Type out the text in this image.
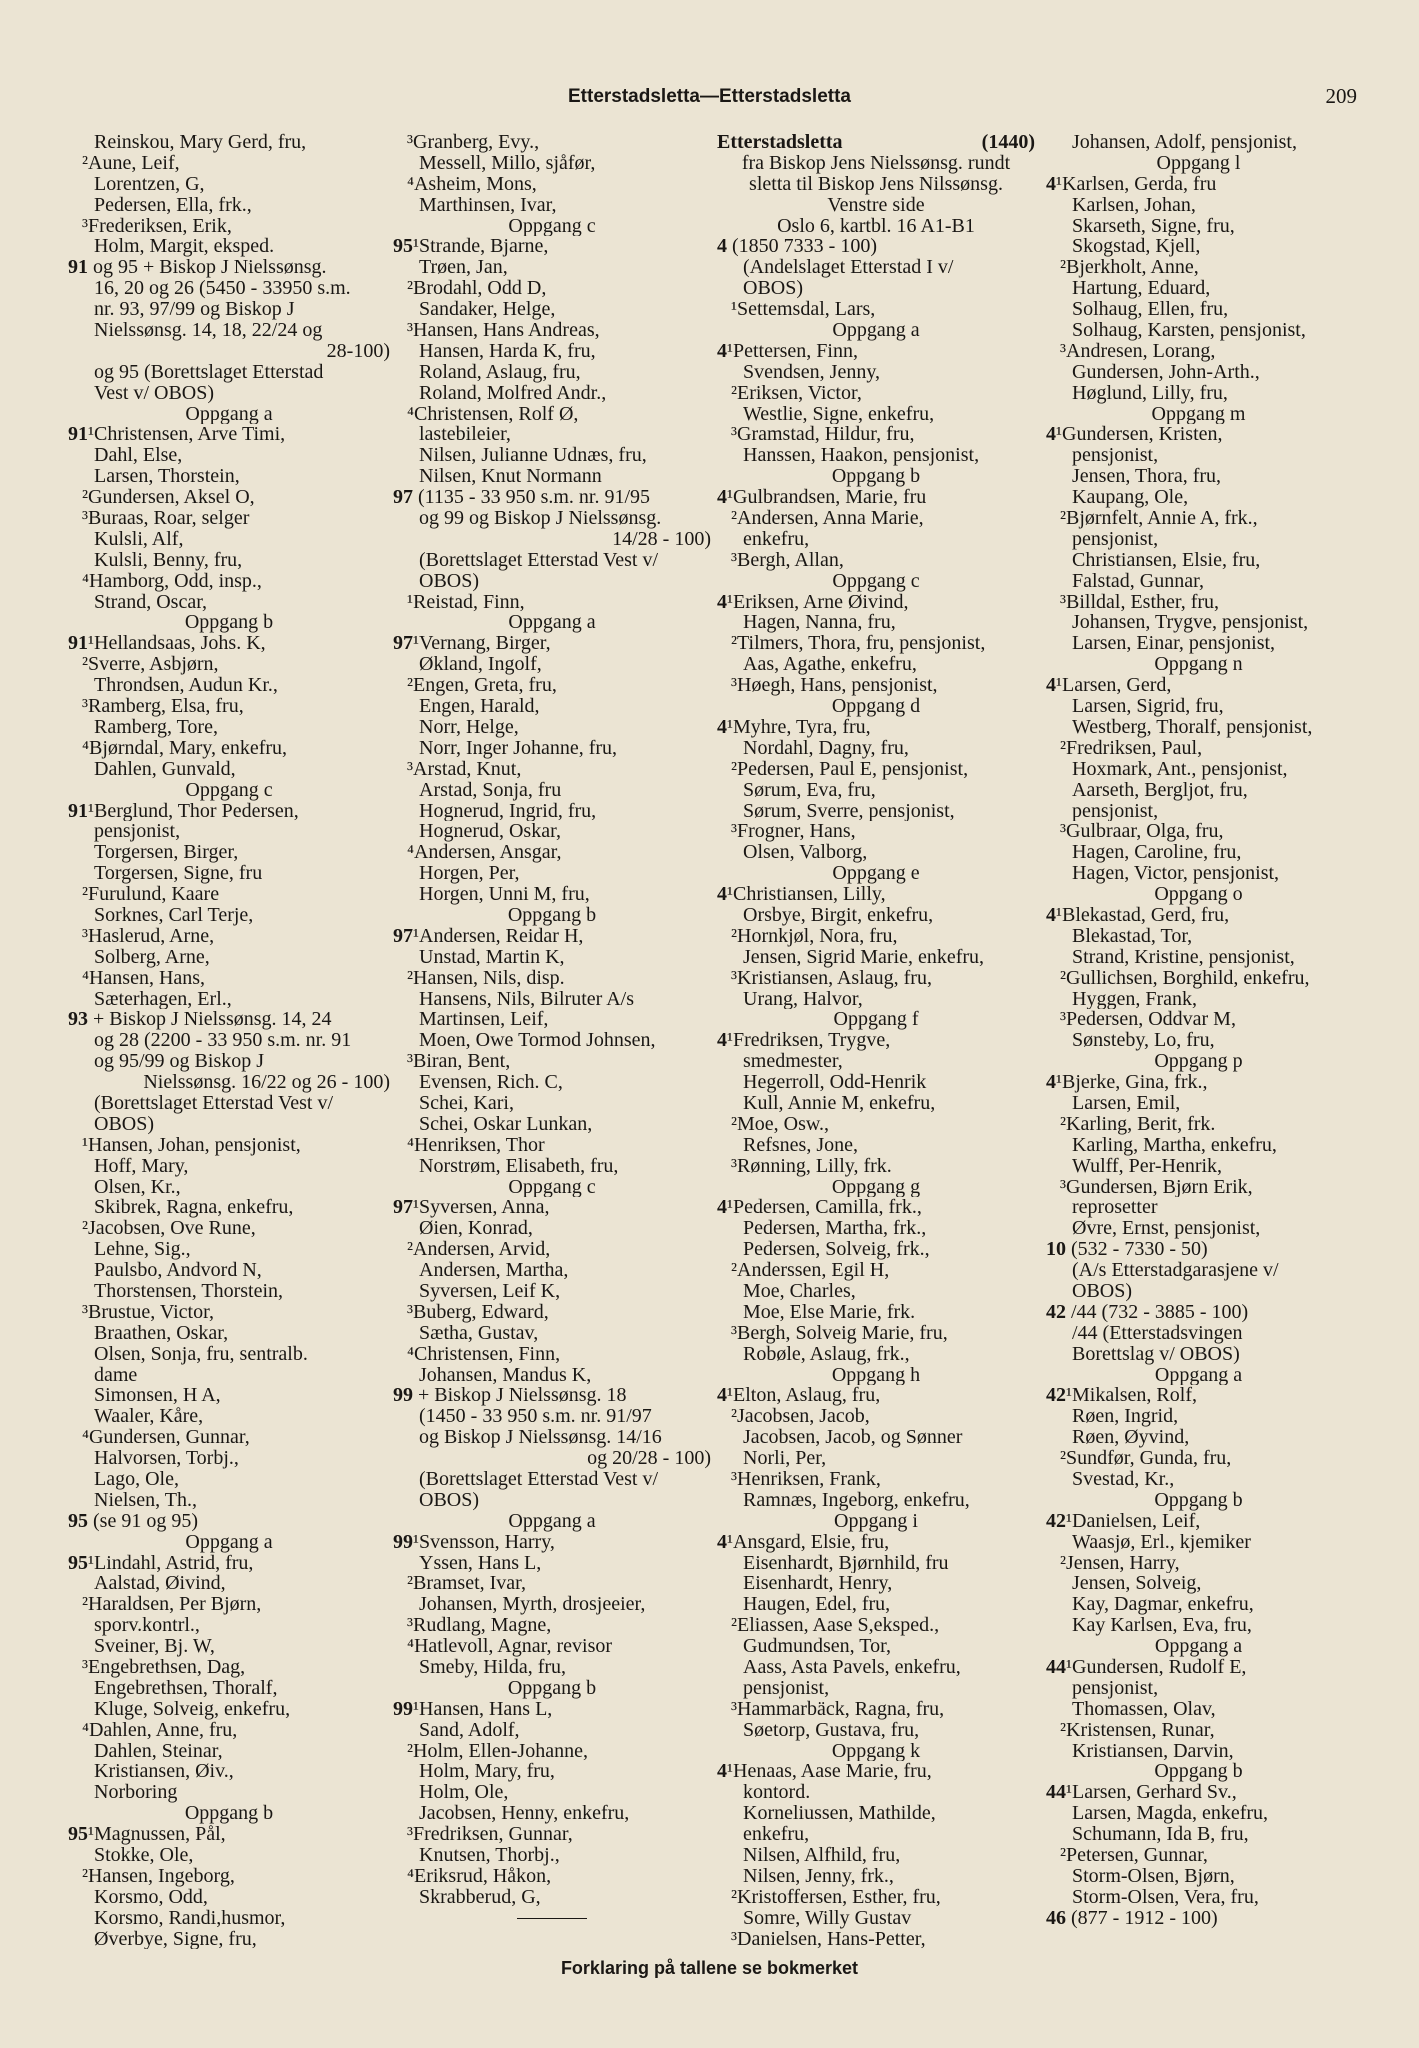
Etterstadsletta—Etterstadsletta	209
Reinskou, Mary Gerd, fru,
²Aune, Leif,
Lorentzen, G,
Pedersen, Ella, frk.,
³Frederiksen, Erik,
Holm, Margit, eksped.
91 og 95 + Biskop J Nielssønsg.
16, 20 og 26 (5450 - 33950 s.m.
nr. 93, 97/99 og Biskop J
Nielssønsg. 14, 18, 22/24 og
28-100)
og 95 (Borettslaget Etterstad
Vest v/ OBOS)
Oppgang a
91¹Christensen, Arve Timi,
Dahl, Else,
Larsen, Thorstein,
²Gundersen, Aksel O,
³Buraas, Roar, selger
Kulsli, Alf,
Kulsli, Benny, fru,
⁴Hamborg, Odd, insp.,
Strand, Oscar,
Oppgang b
91¹Hellandsaas, Johs. K,
²Sverre, Asbjørn,
Throndsen, Audun Kr.,
³Ramberg, Elsa, fru,
Ramberg, Tore,
⁴Bjørndal, Mary, enkefru,
Dahlen, Gunvald,
Oppgang c
91¹Berglund, Thor Pedersen,
pensjonist,
Torgersen, Birger,
Torgersen, Signe, fru
²Furulund, Kaare
Sorknes, Carl Terje,
³Haslerud, Arne,
Solberg, Arne,
⁴Hansen, Hans,
Sæterhagen, Erl.,
93 + Biskop J Nielssønsg. 14, 24
og 28 (2200 - 33 950 s.m. nr. 91
og 95/99 og Biskop J
Nielssønsg. 16/22 og 26 - 100)
(Borettslaget Etterstad Vest v/
OBOS)
¹Hansen, Johan, pensjonist,
Hoff, Mary,
Olsen, Kr.,
Skibrek, Ragna, enkefru,
²Jacobsen, Ove Rune,
Lehne, Sig.,
Paulsbo, Andvord N,
Thorstensen, Thorstein,
³Brustue, Victor,
Braathen, Oskar,
Olsen, Sonja, fru, sentralb.
dame
Simonsen, H A,
Waaler, Kåre,
⁴Gundersen, Gunnar,
Halvorsen, Torbj.,
Lago, Ole,
Nielsen, Th.,
95 (se 91 og 95)
Oppgang a
95¹Lindahl, Astrid, fru,
Aalstad, Øivind,
²Haraldsen, Per Bjørn,
sporv.kontrl.,
Sveiner, Bj. W,
³Engebrethsen, Dag,
Engebrethsen, Thoralf,
Kluge, Solveig, enkefru,
⁴Dahlen, Anne, fru,
Dahlen, Steinar,
Kristiansen, Øiv.,
Norboring
Oppgang b
95¹Magnussen, Pål,
Stokke, Ole,
²Hansen, Ingeborg,
Korsmo, Odd,
Korsmo, Randi,husmor,
Øverbye, Signe, fru,
³Granberg, Evy.,
Messell, Millo, sjåfør,
⁴Asheim, Mons,
Marthinsen, Ivar,
Oppgang c
95¹Strande, Bjarne,
Trøen, Jan,
²Brodahl, Odd D,
Sandaker, Helge,
³Hansen, Hans Andreas,
Hansen, Harda K, fru,
Roland, Aslaug, fru,
Roland, Molfred Andr.,
⁴Christensen, Rolf Ø,
lastebileier,
Nilsen, Julianne Udnæs, fru,
Nilsen, Knut Normann
97 (1135 - 33 950 s.m. nr. 91/95
og 99 og Biskop J Nielssønsg.
14/28 - 100)
(Borettslaget Etterstad Vest v/
OBOS)
¹Reistad, Finn,
Oppgang a
97¹Vernang, Birger,
Økland, Ingolf,
²Engen, Greta, fru,
Engen, Harald,
Norr, Helge,
Norr, Inger Johanne, fru,
³Arstad, Knut,
Arstad, Sonja, fru
Hognerud, Ingrid, fru,
Hognerud, Oskar,
⁴Andersen, Ansgar,
Horgen, Per,
Horgen, Unni M, fru,
Oppgang b
97¹Andersen, Reidar H,
Unstad, Martin K,
²Hansen, Nils, disp.
Hansens, Nils, Bilruter A/s
Martinsen, Leif,
Moen, Owe Tormod Johnsen,
³Biran, Bent,
Evensen, Rich. C,
Schei, Kari,
Schei, Oskar Lunkan,
⁴Henriksen, Thor
Norstrøm, Elisabeth, fru,
Oppgang c
97¹Syversen, Anna,
Øien, Konrad,
²Andersen, Arvid,
Andersen, Martha,
Syversen, Leif K,
³Buberg, Edward,
Sætha, Gustav,
⁴Christensen, Finn,
Johansen, Mandus K,
99 + Biskop J Nielssønsg. 18
(1450 - 33 950 s.m. nr. 91/97
og Biskop J Nielssønsg. 14/16
og 20/28 - 100)
(Borettslaget Etterstad Vest v/
OBOS)
Oppgang a
99¹Svensson, Harry,
Yssen, Hans L,
²Bramset, Ivar,
Johansen, Myrth, drosjeeier,
³Rudlang, Magne,
⁴Hatlevoll, Agnar, revisor
Smeby, Hilda, fru,
Oppgang b
99¹Hansen, Hans L,
Sand, Adolf,
²Holm, Ellen-Johanne,
Holm, Mary, fru,
Holm, Ole,
Jacobsen, Henny, enkefru,
³Fredriksen, Gunnar,
Knutsen, Thorbj.,
⁴Eriksrud, Håkon,
Skrabberud, G,
Etterstadsletta	(1440)
fra Biskop Jens Nielssønsg. rundt
sletta til Biskop Jens Nilssønsg.
Venstre side
Oslo 6, kartbl. 16 A1-B1
4 (1850 7333 - 100)
(Andelslaget Etterstad I v/
OBOS)
¹Settemsdal, Lars,
Oppgang a
4¹Pettersen, Finn,
Svendsen, Jenny,
²Eriksen, Victor,
Westlie, Signe, enkefru,
³Gramstad, Hildur, fru,
Hanssen, Haakon, pensjonist,
Oppgang b
4¹Gulbrandsen, Marie, fru
²Andersen, Anna Marie,
enkefru,
³Bergh, Allan,
Oppgang c
4¹Eriksen, Arne Øivind,
Hagen, Nanna, fru,
²Tilmers, Thora, fru, pensjonist,
Aas, Agathe, enkefru,
³Høegh, Hans, pensjonist,
Oppgang d
4¹Myhre, Tyra, fru,
Nordahl, Dagny, fru,
²Pedersen, Paul E, pensjonist,
Sørum, Eva, fru,
Sørum, Sverre, pensjonist,
³Frogner, Hans,
Olsen, Valborg,
Oppgang e
4¹Christiansen, Lilly,
Orsbye, Birgit, enkefru,
²Hornkjøl, Nora, fru,
Jensen, Sigrid Marie, enkefru,
³Kristiansen, Aslaug, fru,
Urang, Halvor,
Oppgang f
4¹Fredriksen, Trygve,
smedmester,
Hegerroll, Odd-Henrik
Kull, Annie M, enkefru,
²Moe, Osw.,
Refsnes, Jone,
³Rønning, Lilly, frk.
Oppgang g
4¹Pedersen, Camilla, frk.,
Pedersen, Martha, frk.,
Pedersen, Solveig, frk.,
²Anderssen, Egil H,
Moe, Charles,
Moe, Else Marie, frk.
³Bergh, Solveig Marie, fru,
Robøle, Aslaug, frk.,
Oppgang h
4¹Elton, Aslaug, fru,
²Jacobsen, Jacob,
Jacobsen, Jacob, og Sønner
Norli, Per,
³Henriksen, Frank,
Ramnæs, Ingeborg, enkefru,
Oppgang i
4¹Ansgard, Elsie, fru,
Eisenhardt, Bjørnhild, fru
Eisenhardt, Henry,
Haugen, Edel, fru,
²Eliassen, Aase S,eksped.,
Gudmundsen, Tor,
Aass, Asta Pavels, enkefru,
pensjonist,
³Hammarbäck, Ragna, fru,
Søetorp, Gustava, fru,
Oppgang k
4¹Henaas, Aase Marie, fru,
kontord.
Korneliussen, Mathilde,
enkefru,
Nilsen, Alfhild, fru,
Nilsen, Jenny, frk.,
²Kristoffersen, Esther, fru,
Somre, Willy Gustav
³Danielsen, Hans-Petter,
Johansen, Adolf, pensjonist,
Oppgang l
4¹Karlsen, Gerda, fru
Karlsen, Johan,
Skarseth, Signe, fru,
Skogstad, Kjell,
²Bjerkholt, Anne,
Hartung, Eduard,
Solhaug, Ellen, fru,
Solhaug, Karsten, pensjonist,
³Andresen, Lorang,
Gundersen, John-Arth.,
Høglund, Lilly, fru,
Oppgang m
4¹Gundersen, Kristen,
pensjonist,
Jensen, Thora, fru,
Kaupang, Ole,
²Bjørnfelt, Annie A, frk.,
pensjonist,
Christiansen, Elsie, fru,
Falstad, Gunnar,
³Billdal, Esther, fru,
Johansen, Trygve, pensjonist,
Larsen, Einar, pensjonist,
Oppgang n
4¹Larsen, Gerd,
Larsen, Sigrid, fru,
Westberg, Thoralf, pensjonist,
²Fredriksen, Paul,
Hoxmark, Ant., pensjonist,
Aarseth, Bergljot, fru,
pensjonist,
³Gulbraar, Olga, fru,
Hagen, Caroline, fru,
Hagen, Victor, pensjonist,
Oppgang o
4¹Blekastad, Gerd, fru,
Blekastad, Tor,
Strand, Kristine, pensjonist,
²Gullichsen, Borghild, enkefru,
Hyggen, Frank,
³Pedersen, Oddvar M,
Sønsteby, Lo, fru,
Oppgang p
4¹Bjerke, Gina, frk.,
Larsen, Emil,
²Karling, Berit, frk.
Karling, Martha, enkefru,
Wulff, Per-Henrik,
³Gundersen, Bjørn Erik,
reprosetter
Øvre, Ernst, pensjonist,
10 (532 - 7330 - 50)
(A/s Etterstadgarasjene v/
OBOS)
42 /44 (732 - 3885 - 100)
/44 (Etterstadsvingen
Borettslag v/ OBOS)
Oppgang a
42¹Mikalsen, Rolf,
Røen, Ingrid,
Røen, Øyvind,
²Sundfør, Gunda, fru,
Svestad, Kr.,
Oppgang b
42¹Danielsen, Leif,
Waasjø, Erl., kjemiker
²Jensen, Harry,
Jensen, Solveig,
Kay, Dagmar, enkefru,
Kay Karlsen, Eva, fru,
Oppgang a
44¹Gundersen, Rudolf E,
pensjonist,
Thomassen, Olav,
²Kristensen, Runar,
Kristiansen, Darvin,
Oppgang b
44¹Larsen, Gerhard Sv.,
Larsen, Magda, enkefru,
Schumann, Ida B, fru,
²Petersen, Gunnar,
Storm-Olsen, Bjørn,
Storm-Olsen, Vera, fru,
46 (877 - 1912 - 100)
Forklaring på tallene se bokmerket
